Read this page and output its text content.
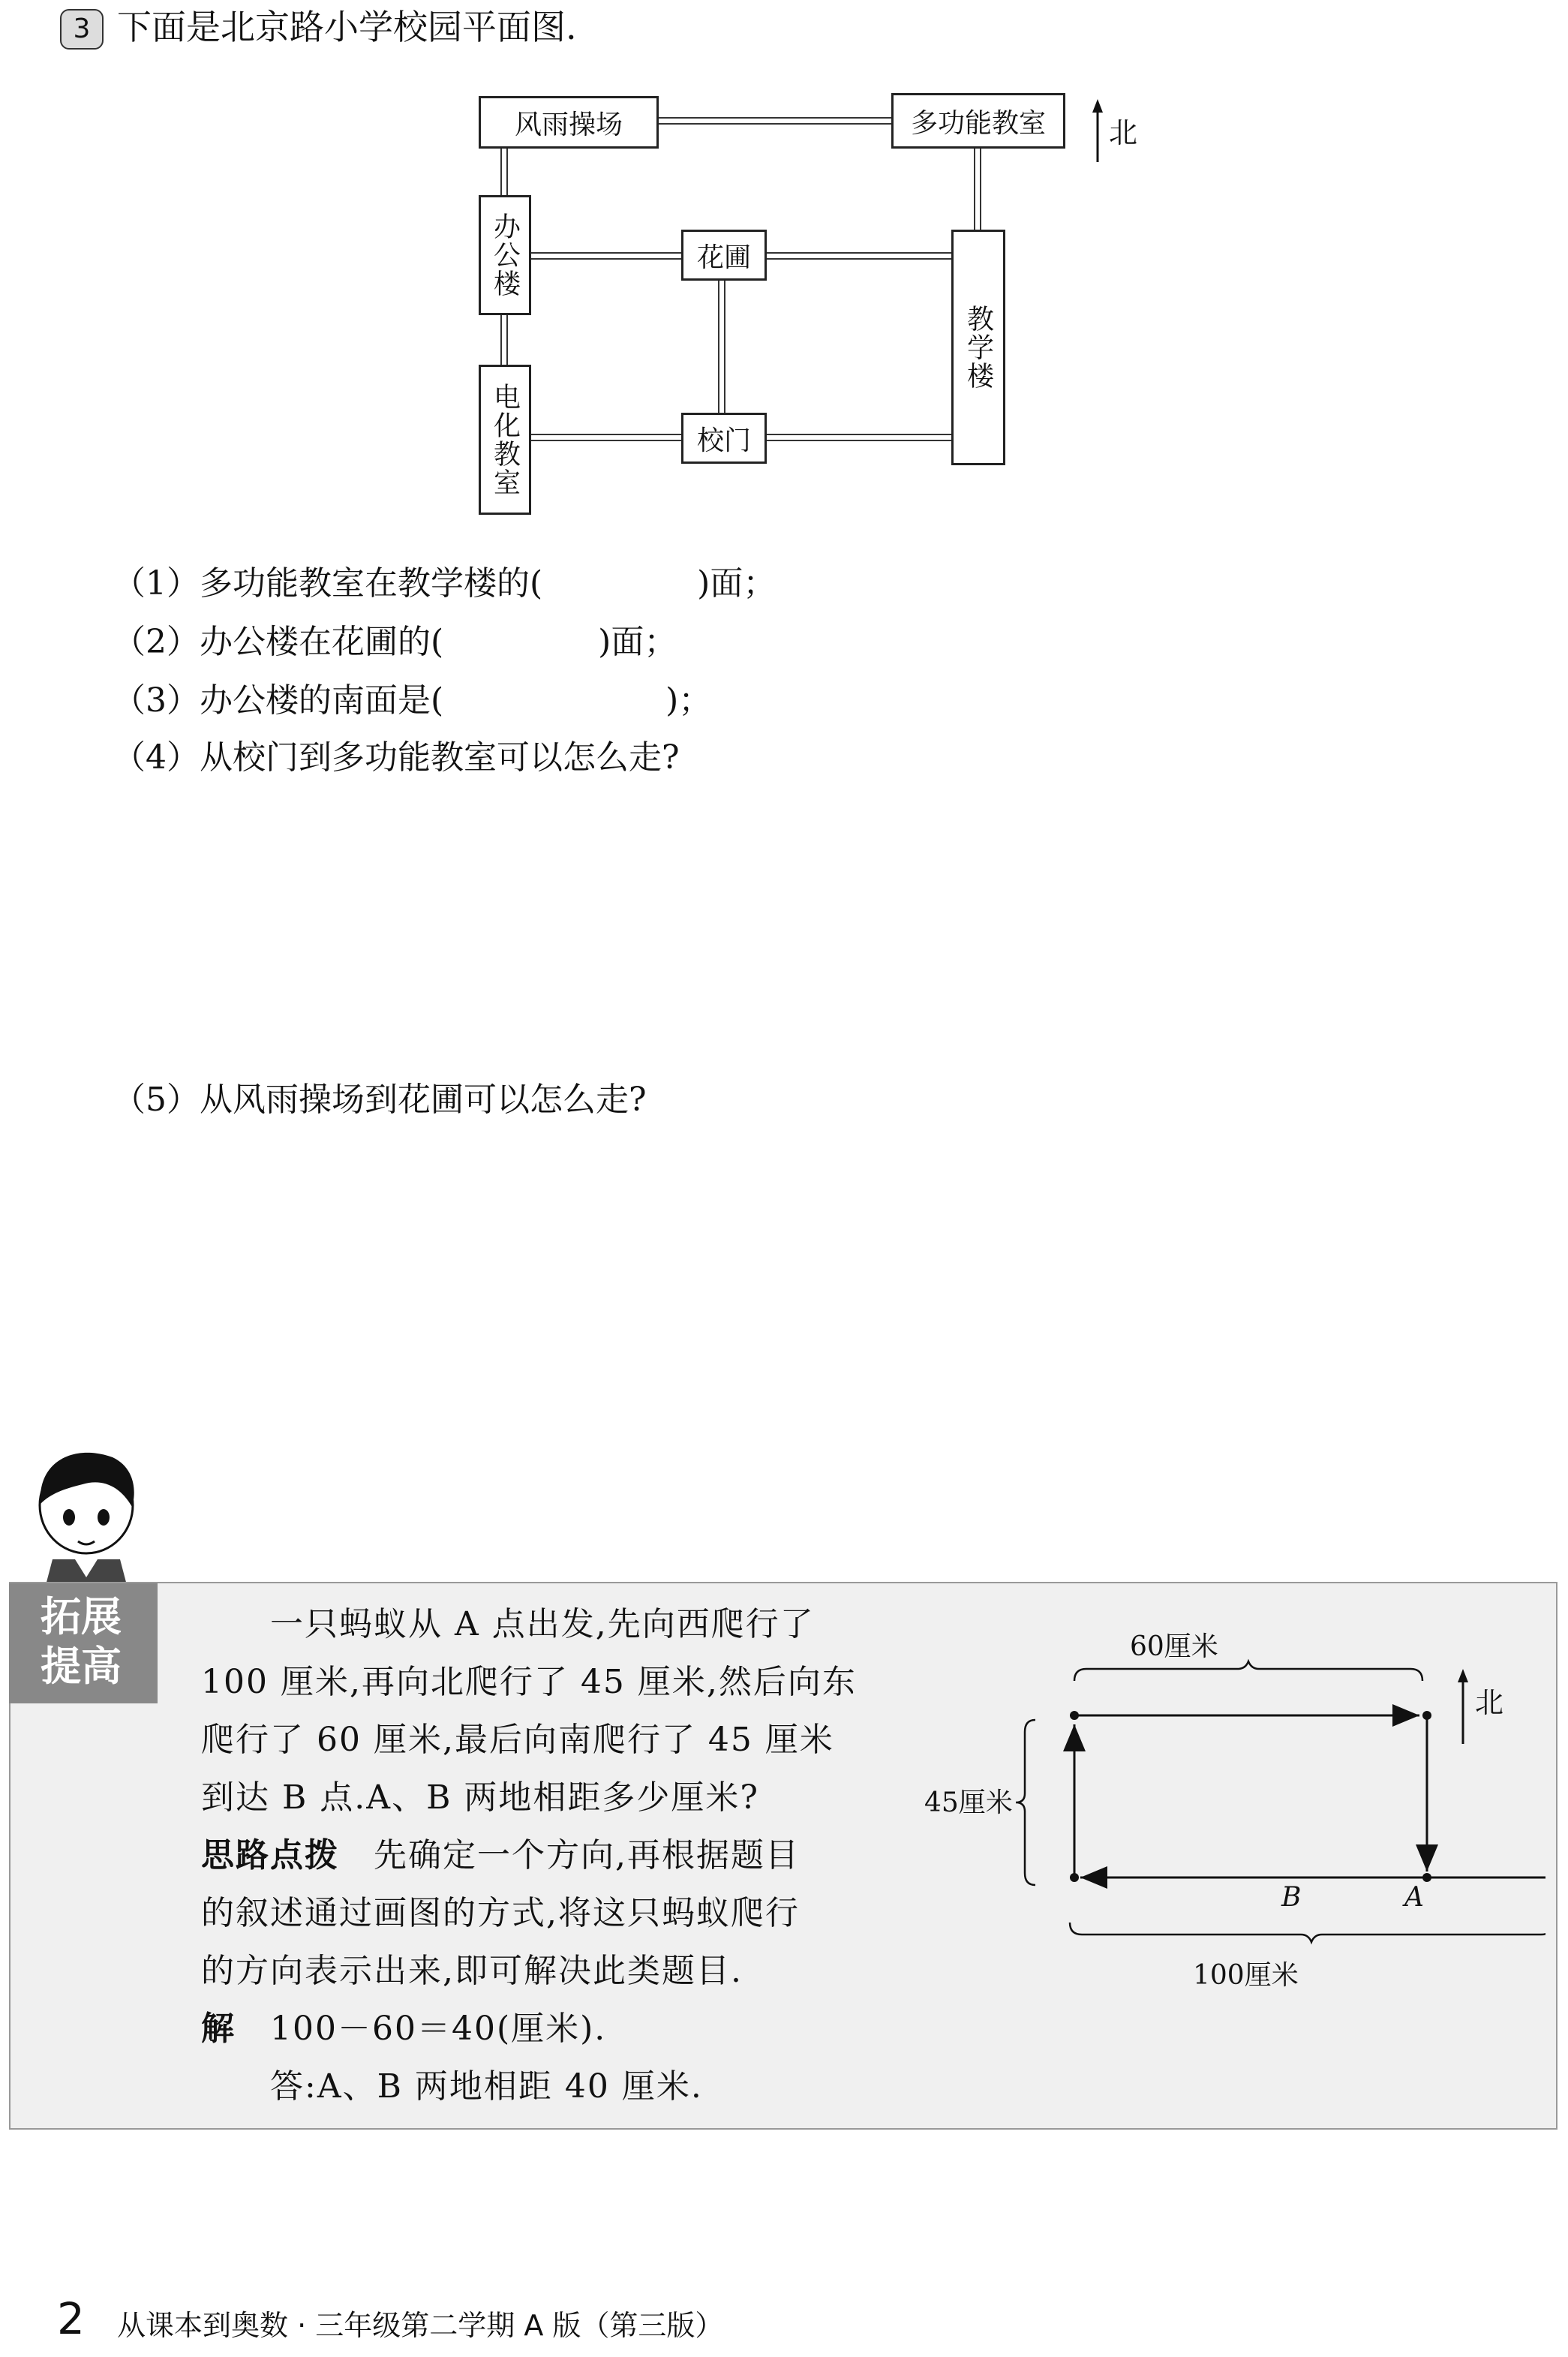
3 下面是北京路小学校园平面图.
风雨操场	多功能教室
办公楼	花圃
教学楼
电化教室	校门
北
（1）多功能教室在教学楼的(	)面；
（2）办公楼在花圃的(	)面；
（3）办公楼的南面是(	)；
（4）从校门到多功能教室可以怎么走?
（5）从风雨操场到花圃可以怎么走?
拓展
提高
　　一只蚂蚁从 A 点出发,先向西爬行了
100 厘米,再向北爬行了 45 厘米,然后向东
爬行了 60 厘米,最后向南爬行了 45 厘米
到达 B 点.A、B 两地相距多少厘米?
思路点拨　 先确定一个方向,再根据题目
的叙述通过画图的方式,将这只蚂蚁爬行
的方向表示出来,即可解决此类题目.
解　 100－60＝40(厘米).
　　答:A、B 两地相距 40 厘米.
60厘米
45厘米
100厘米
B	A
北
2 从课本到奥数 · 三年级第二学期 A 版（第三版）
